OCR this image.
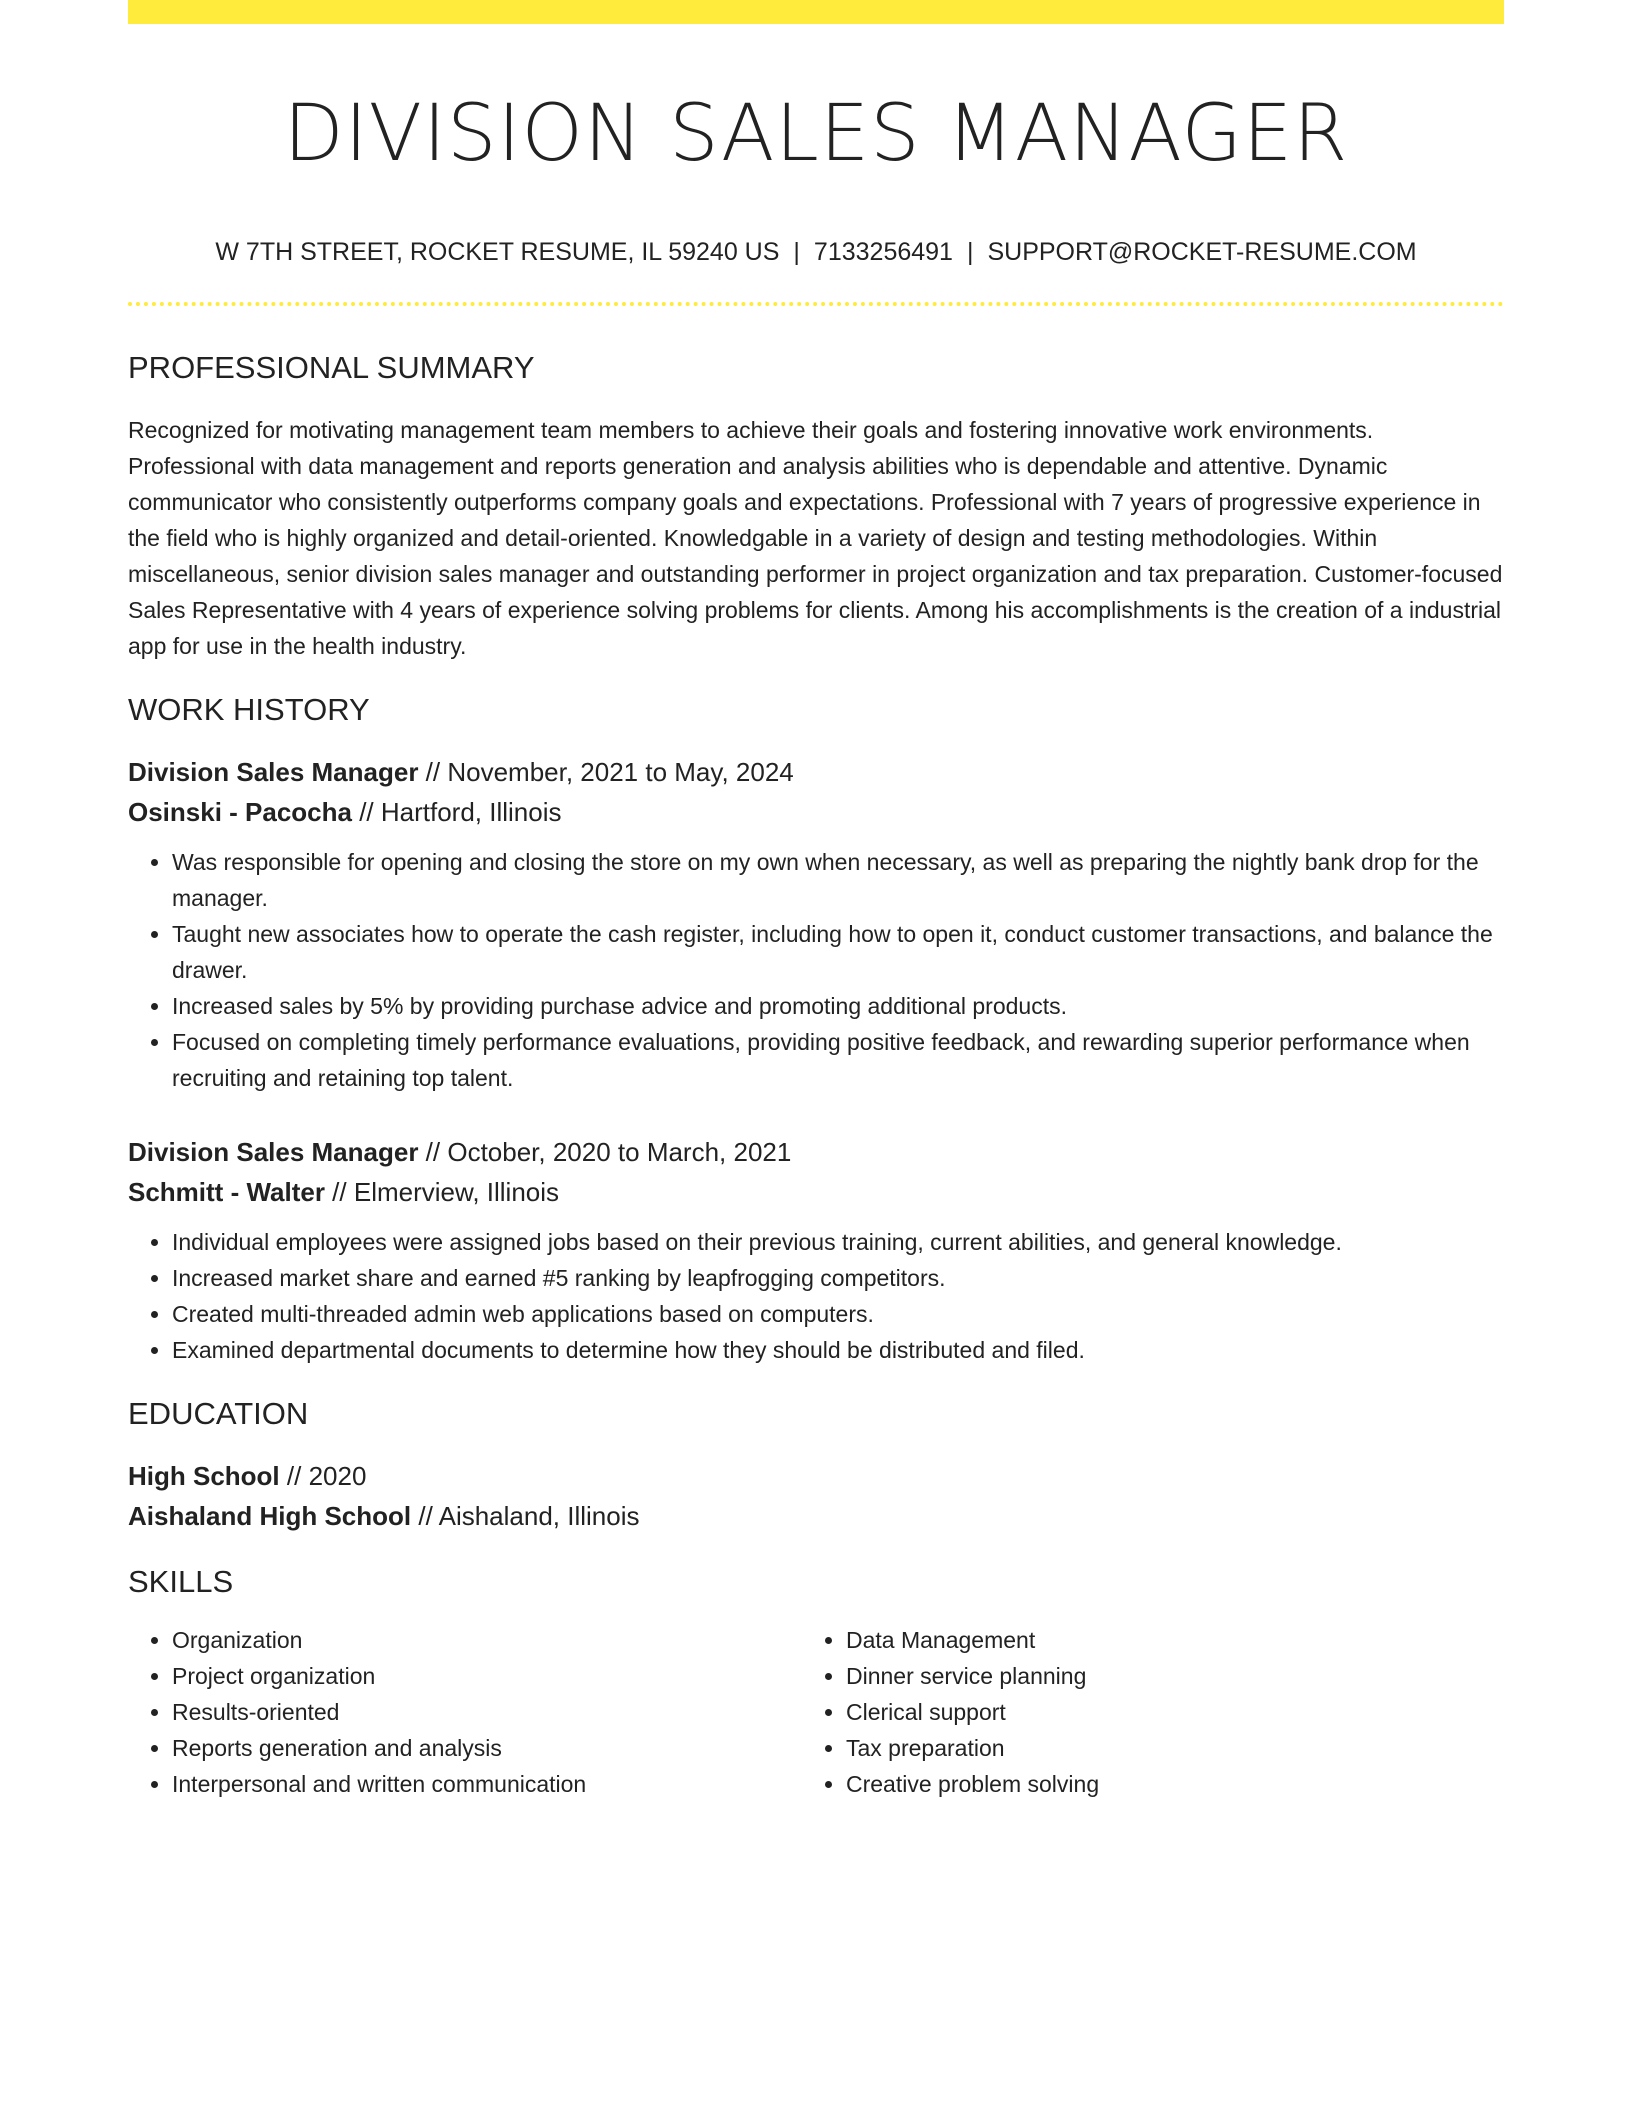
DIVISION SALES MANAGER
W 7TH STREET, ROCKET RESUME, IL 59240 US | 7133256491 | SUPPORT@ROCKET-RESUME.COM
PROFESSIONAL SUMMARY

Recognized for motivating management team members to achieve their goals and fostering innovative work environments. Professional with data management and reports generation and analysis abilities who is dependable and attentive. Dynamic communicator who consistently outperforms company goals and expectations. Professional with 7 years of progressive experience in the field who is highly organized and detail-oriented. Knowledgable in a variety of design and testing methodologies. Within miscellaneous, senior division sales manager and outstanding performer in project organization and tax preparation. Customer-focused Sales Representative with 4 years of experience solving problems for clients. Among his accomplishments is the creation of a industrial app for use in the health industry.

WORK HISTORY
Division Sales Manager // November, 2021 to May, 2024
Osinski - Pacocha // Hartford, Illinois
• Was responsible for opening and closing the store on my own when necessary, as well as preparing the nightly bank drop for the manager.
• Taught new associates how to operate the cash register, including how to open it, conduct customer transactions, and balance the drawer.
• Increased sales by 5% by providing purchase advice and promoting additional products.
• Focused on completing timely performance evaluations, providing positive feedback, and rewarding superior performance when recruiting and retaining top talent.
Division Sales Manager // October, 2020 to March, 2021
Schmitt - Walter // Elmerview, Illinois
• Individual employees were assigned jobs based on their previous training, current abilities, and general knowledge.
• Increased market share and earned #5 ranking by leapfrogging competitors.
• Created multi-threaded admin web applications based on computers.
• Examined departmental documents to determine how they should be distributed and filed.
EDUCATION
High School // 2020
Aishaland High School // Aishaland, Illinois
SKILLS
• Organization
• Project organization
• Results-oriented
• Reports generation and analysis
• Interpersonal and written communication
• Data Management
• Dinner service planning
• Clerical support
• Tax preparation
• Creative problem solving
